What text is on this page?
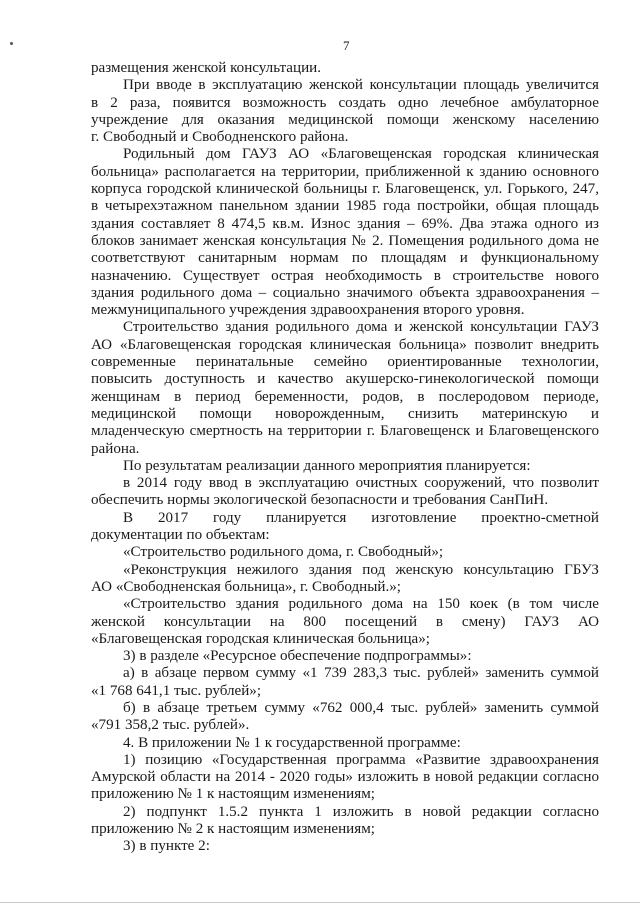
7
размещения женской консультации.
При вводе в эксплуатацию женской консультации площадь увеличится
в 2 раза, появится возможность создать одно лечебное амбулаторное
учреждение для оказания медицинской помощи женскому населению
г. Свободный и Свободненского района.
Родильный дом ГАУЗ АО «Благовещенская городская клиническая
больница» располагается на территории, приближенной к зданию основного
корпуса городской клинической больницы г. Благовещенск, ул. Горького, 247,
в четырехэтажном панельном здании 1985 года постройки, общая площадь
здания составляет 8 474,5 кв.м. Износ здания – 69%. Два этажа одного из
блоков занимает женская консультация № 2. Помещения родильного дома не
соответствуют санитарным нормам по площадям и функциональному
назначению. Существует острая необходимость в строительстве нового
здания родильного дома – социально значимого объекта здравоохранения –
межмуниципального учреждения здравоохранения второго уровня.
Строительство здания родильного дома и женской консультации ГАУЗ
АО «Благовещенская городская клиническая больница» позволит внедрить
современные перинатальные семейно ориентированные технологии,
повысить доступность и качество акушерско-гинекологической помощи
женщинам в период беременности, родов, в послеродовом периоде,
медицинской помощи новорожденным, снизить материнскую и
младенческую смертность на территории г. Благовещенск и Благовещенского
района.
По результатам реализации данного мероприятия планируется:
в 2014 году ввод в эксплуатацию очистных сооружений, что позволит
обеспечить нормы экологической безопасности и требования СанПиН.
В 2017 году планируется изготовление проектно-сметной
документации по объектам:
«Строительство родильного дома, г. Свободный»;
«Реконструкция нежилого здания под женскую консультацию ГБУЗ
АО «Свободненская больница», г. Свободный.»;
«Строительство здания родильного дома на 150 коек (в том числе
женской консультации на 800 посещений в смену) ГАУЗ АО
«Благовещенская городская клиническая больница»;
3) в разделе «Ресурсное обеспечение подпрограммы»:
а) в абзаце первом сумму «1 739 283,3 тыс. рублей» заменить суммой
«1 768 641,1 тыс. рублей»;
б) в абзаце третьем сумму «762 000,4 тыс. рублей» заменить суммой
«791 358,2 тыс. рублей».
4. В приложении № 1 к государственной программе:
1) позицию «Государственная программа «Развитие здравоохранения
Амурской области на 2014 - 2020 годы» изложить в новой редакции согласно
приложению № 1 к настоящим изменениям;
2) подпункт 1.5.2 пункта 1 изложить в новой редакции согласно
приложению № 2 к настоящим изменениям;
3) в пункте 2:
